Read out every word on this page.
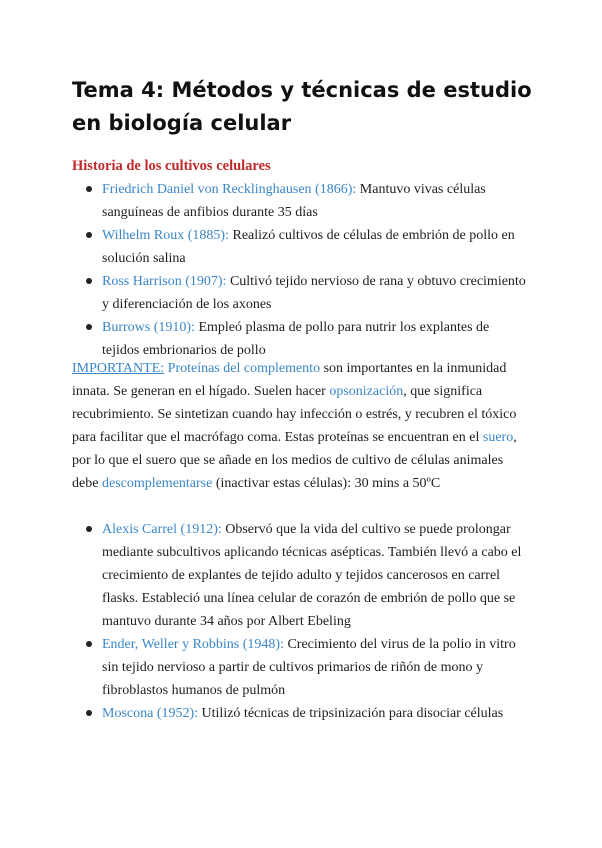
Tema 4: Métodos y técnicas de estudio en biología celular
Historia de los cultivos celulares
Friedrich Daniel von Recklinghausen (1866): Mantuvo vivas células sanguíneas de anfibios durante 35 días
Wilhelm Roux (1885): Realizó cultivos de células de embrión de pollo en solución salina
Ross Harrison (1907): Cultivó tejido nervioso de rana y obtuvo crecimiento y diferenciación de los axones
Burrows (1910): Empleó plasma de pollo para nutrir los explantes de tejidos embrionarios de pollo

IMPORTANTE: Proteínas del complemento son importantes en la inmunidad innata. Se generan en el hígado. Suelen hacer opsonización, que significa recubrimiento. Se sintetizan cuando hay infección o estrés, y recubren el tóxico para facilitar que el macrófago coma. Estas proteínas se encuentran en el suero, por lo que el suero que se añade en los medios de cultivo de células animales debe descomplementarse (inactivar estas células): 30 mins a 50ºC

Alexis Carrel (1912): Observó que la vida del cultivo se puede prolongar mediante subcultivos aplicando técnicas asépticas. También llevó a cabo el crecimiento de explantes de tejido adulto y tejidos cancerosos en carrel flasks. Estableció una línea celular de corazón de embrión de pollo que se mantuvo durante 34 años por Albert Ebeling
Ender, Weller y Robbins (1948): Crecimiento del virus de la polio in vitro sin tejido nervioso a partir de cultivos primarios de riñón de mono y fibroblastos humanos de pulmón
Moscona (1952): Utilizó técnicas de tripsinización para disociar células
